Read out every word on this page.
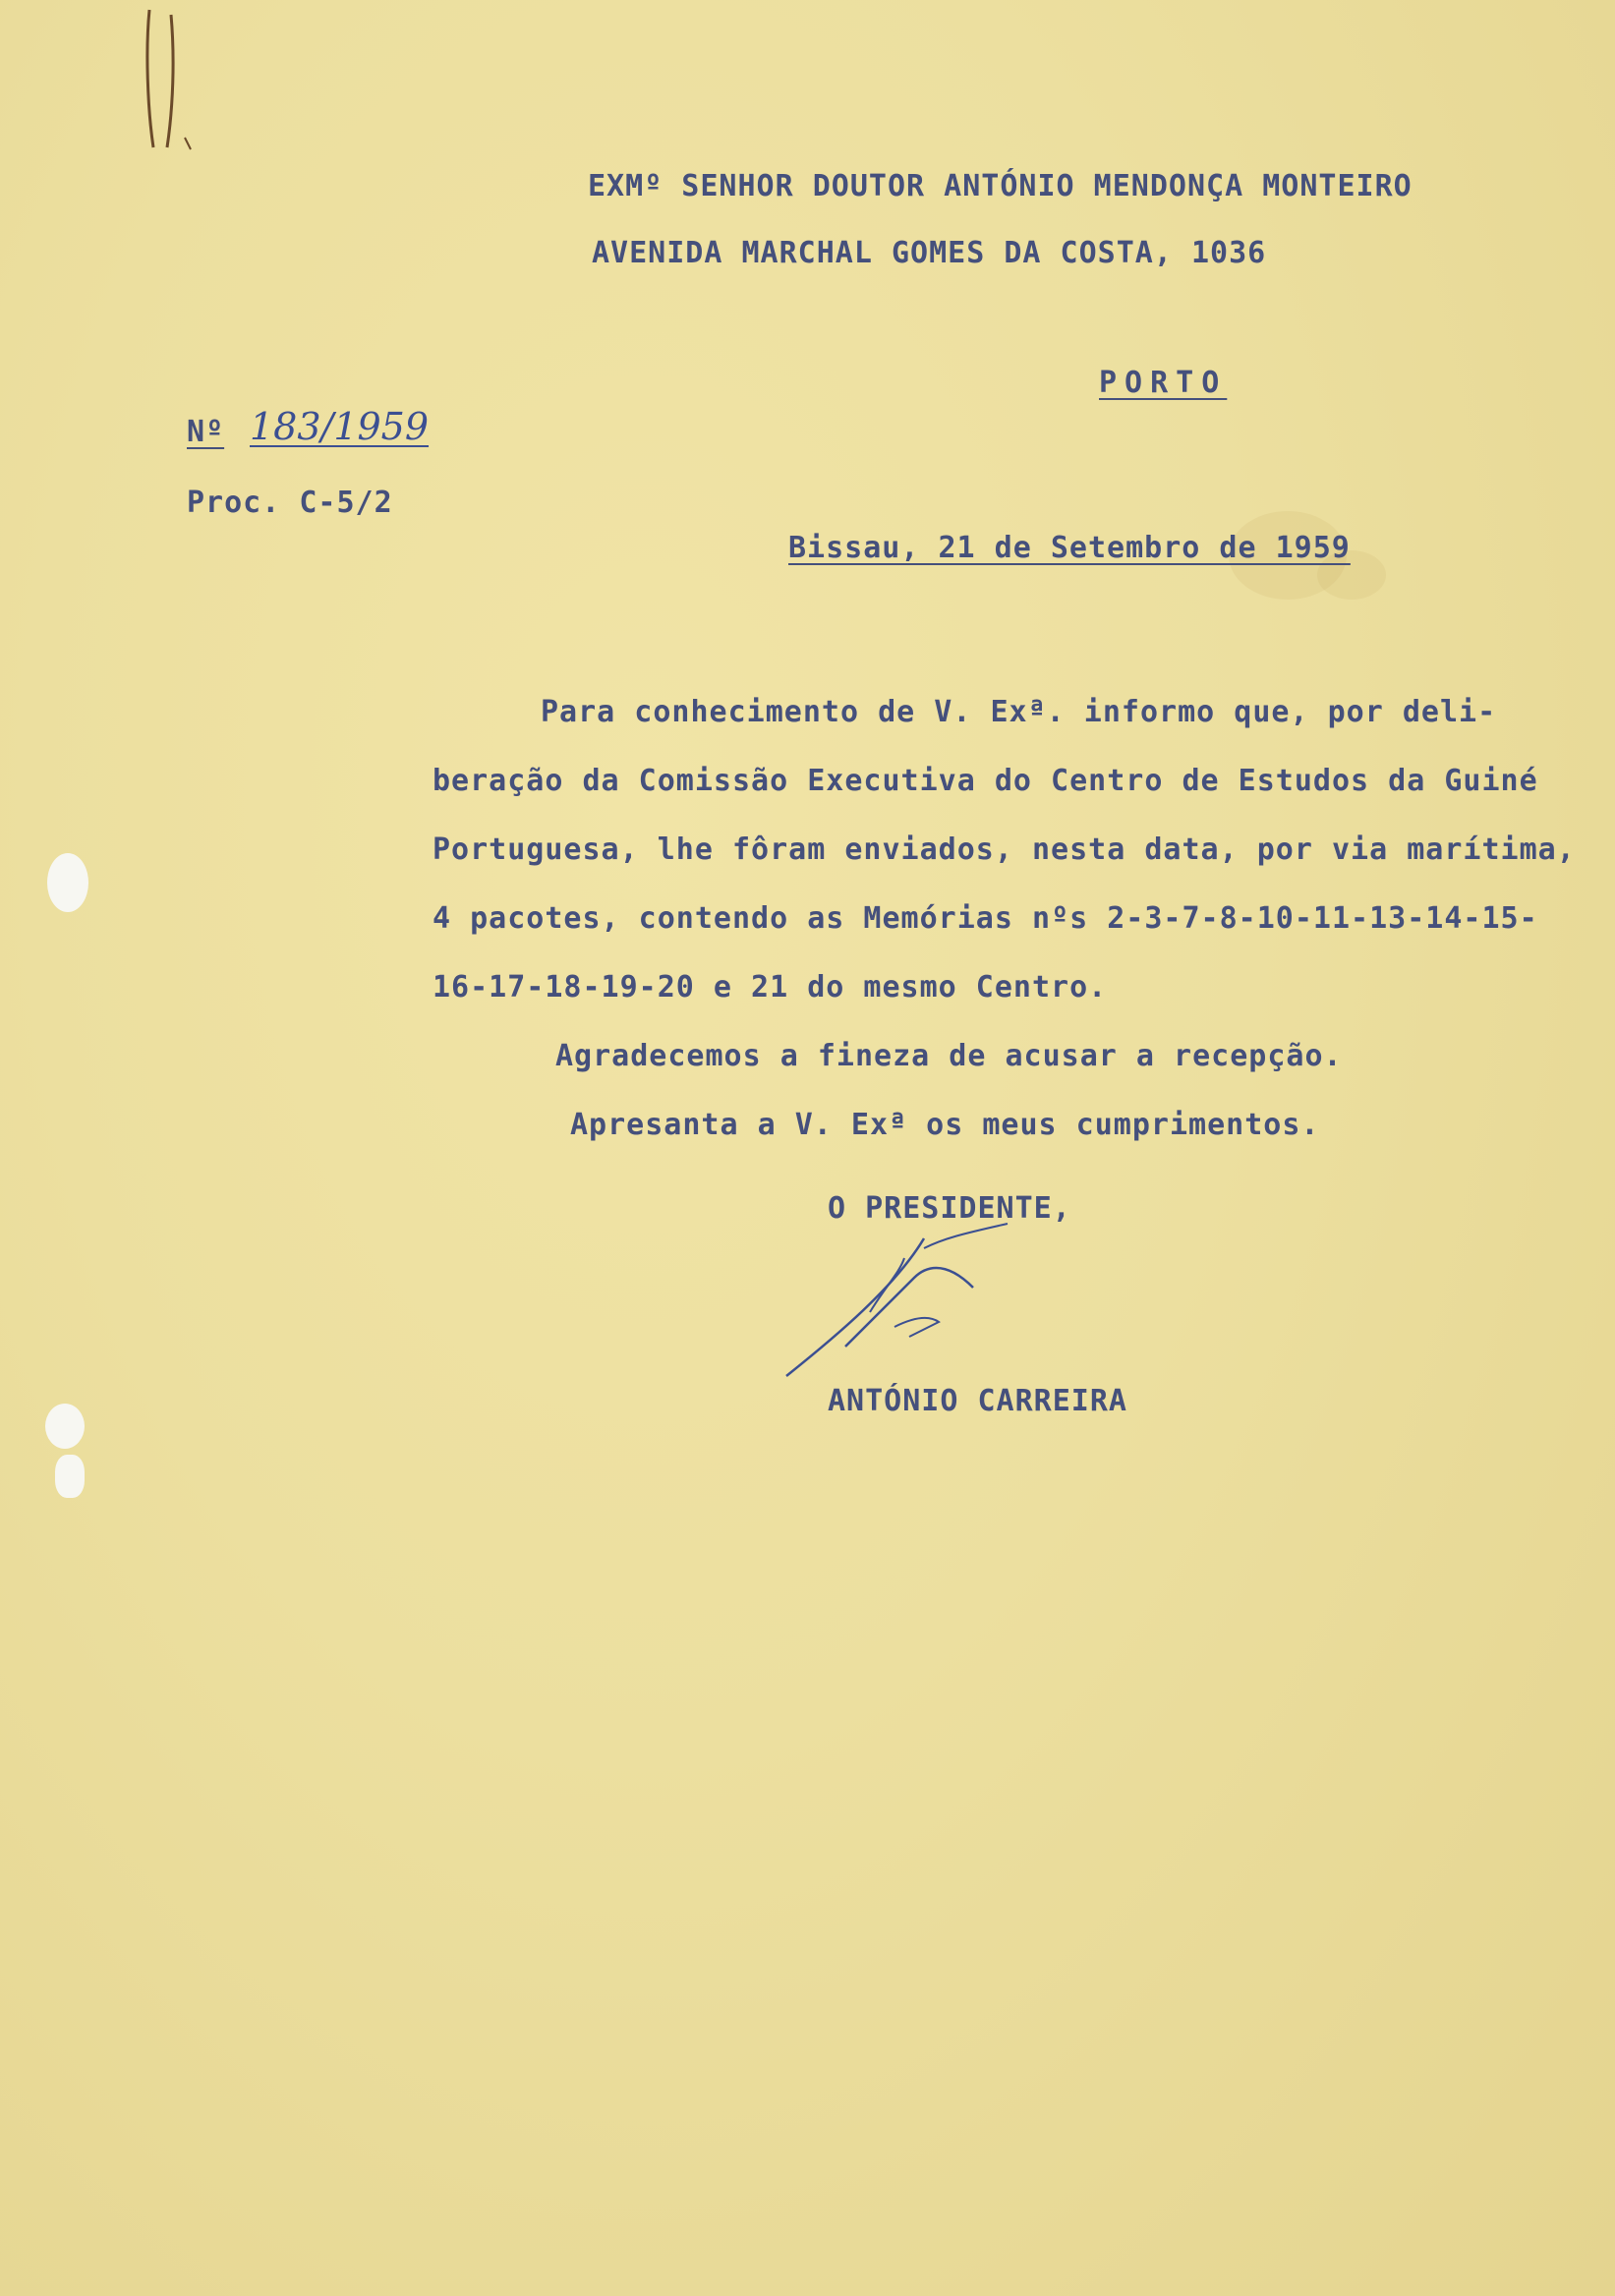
EXMº SENHOR DOUTOR ANTÓNIO MENDONÇA MONTEIRO
AVENIDA MARCHAL GOMES DA COSTA, 1036
PORTO
Nº 183/1959
Proc. C-5/2
Bissau, 21 de Setembro de 1959
Para conhecimento de V. Exª. informo que, por deli-
beração da Comissão Executiva do Centro de Estudos da Guiné
Portuguesa, lhe fôram enviados, nesta data, por via marítima,
4 pacotes, contendo as Memórias nºs 2-3-7-8-10-11-13-14-15-
16-17-18-19-20 e 21 do mesmo Centro.
Agradecemos a fineza de acusar a recepção.
Apresanta a V. Exª os meus cumprimentos.
O PRESIDENTE,
ANTÓNIO CARREIRA
